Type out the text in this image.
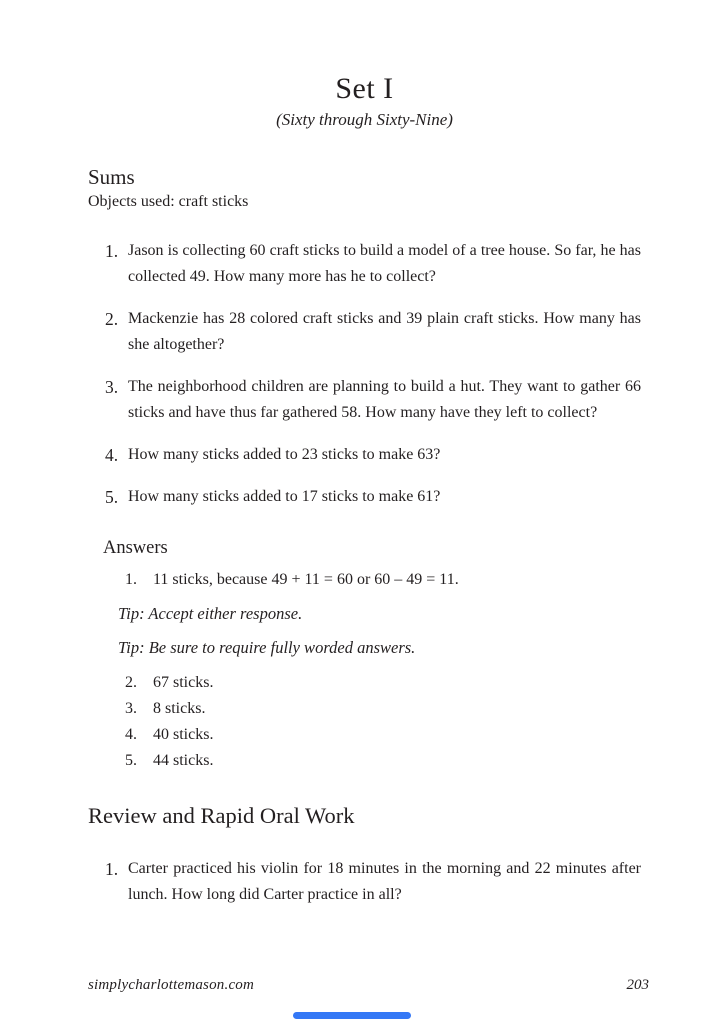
Set I
(Sixty through Sixty-Nine)
Sums
Objects used: craft sticks
1. Jason is collecting 60 craft sticks to build a model of a tree house. So far, he has collected 49. How many more has he to collect?
2. Mackenzie has 28 colored craft sticks and 39 plain craft sticks. How many has she altogether?
3. The neighborhood children are planning to build a hut. They want to gather 66 sticks and have thus far gathered 58. How many have they left to collect?
4. How many sticks added to 23 sticks to make 63?
5. How many sticks added to 17 sticks to make 61?
Answers
1.	11 sticks, because 49 + 11 = 60 or 60 – 49 = 11.
Tip: Accept either response.
Tip: Be sure to require fully worded answers.
2.	67 sticks.
3.	8 sticks.
4.	40 sticks.
5.	44 sticks.
Review and Rapid Oral Work
1. Carter practiced his violin for 18 minutes in the morning and 22 minutes after lunch. How long did Carter practice in all?
simplycharlottemason.com	203
